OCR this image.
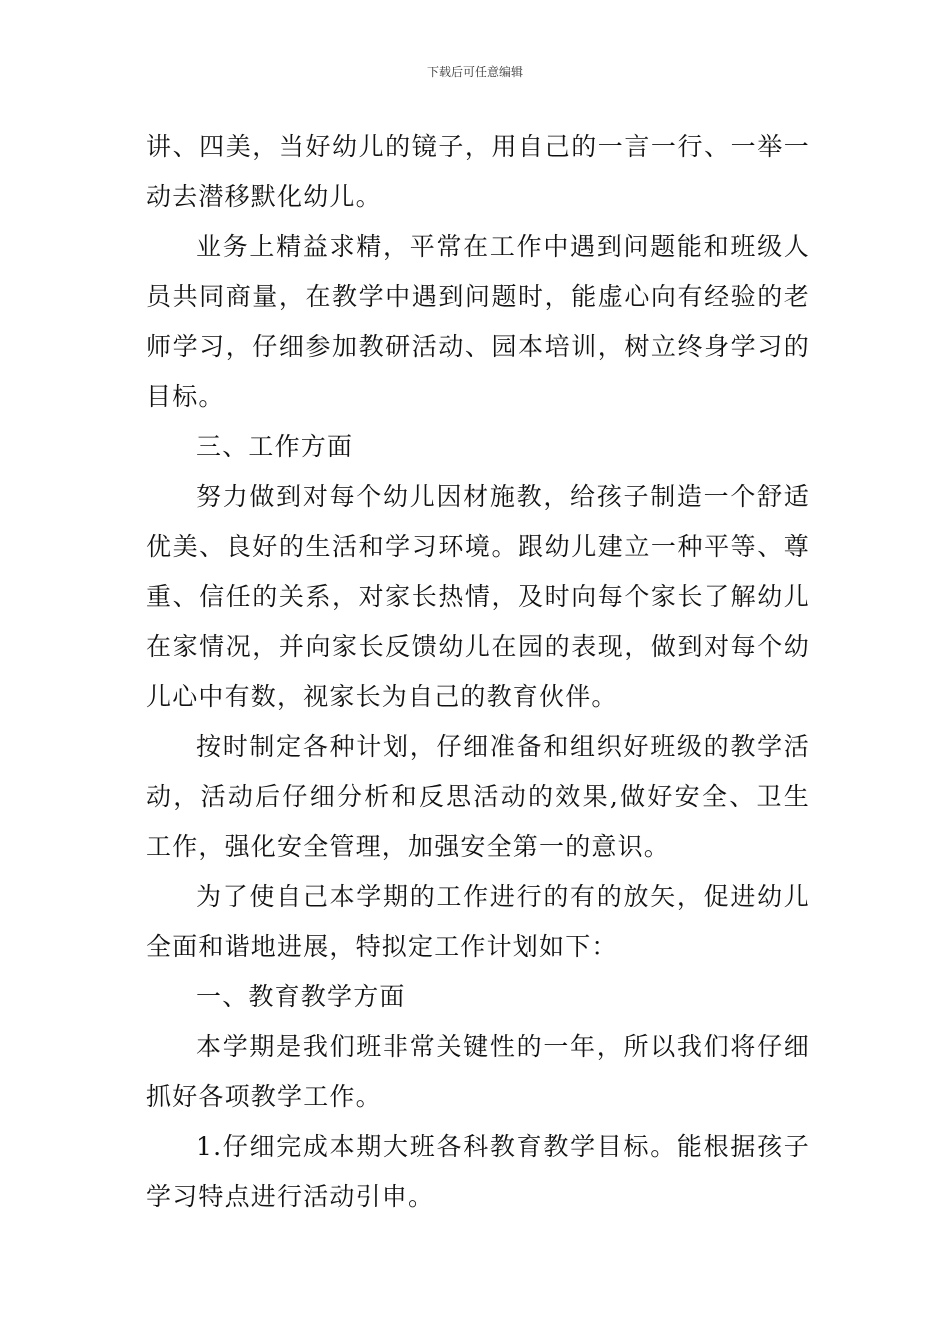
下载后可任意编辑

讲、四美，当好幼儿的镜子，用自己的一言一行、一举一动去潜移默化幼儿。

业务上精益求精，平常在工作中遇到问题能和班级人员共同商量，在教学中遇到问题时，能虚心向有经验的老师学习，仔细参加教研活动、园本培训，树立终身学习的目标。

三、工作方面

努力做到对每个幼儿因材施教，给孩子制造一个舒适优美、良好的生活和学习环境。跟幼儿建立一种平等、尊重、信任的关系，对家长热情，及时向每个家长了解幼儿在家情况，并向家长反馈幼儿在园的表现，做到对每个幼儿心中有数，视家长为自己的教育伙伴。

按时制定各种计划，仔细准备和组织好班级的教学活动，活动后仔细分析和反思活动的效果,做好安全、卫生工作，强化安全管理，加强安全第一的意识。

为了使自己本学期的工作进行的有的放矢，促进幼儿全面和谐地进展，特拟定工作计划如下：

一、教育教学方面

本学期是我们班非常关键性的一年，所以我们将仔细抓好各项教学工作。

1.仔细完成本期大班各科教育教学目标。能根据孩子学习特点进行活动引申。
